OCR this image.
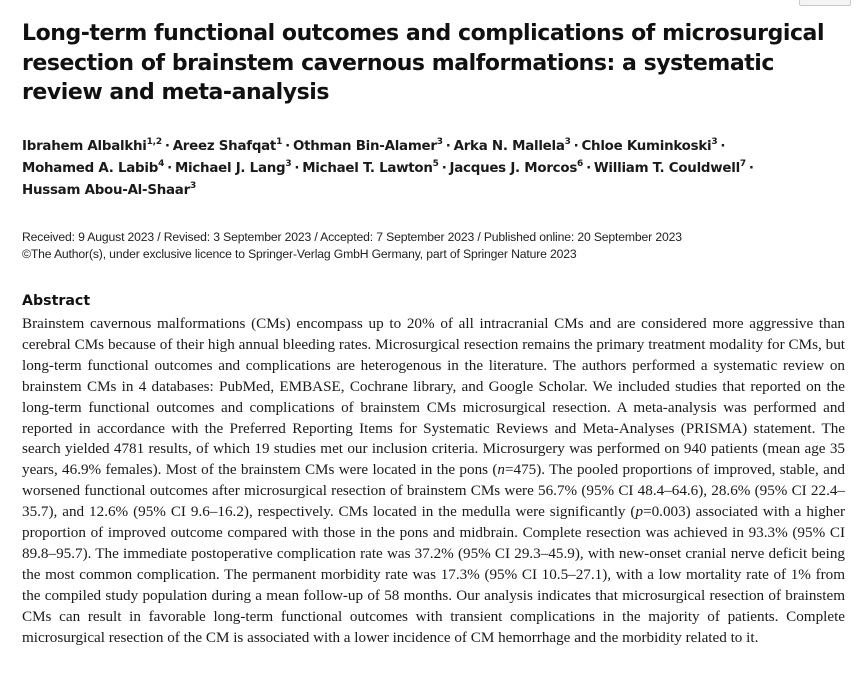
Long-term functional outcomes and complications of microsurgical resection of brainstem cavernous malformations: a systematic review and meta-analysis
Ibrahem Albalkhi$^{1,2}$ · Areez Shafqat$^1$ · Othman Bin-Alamer$^3$ · Arka N. Mallela$^3$ · Chloe Kuminkoski$^3$ ·
Mohamed A. Labib$^4$ · Michael J. Lang$^3$ · Michael T. Lawton$^5$ · Jacques J. Morcos$^6$ · William T. Couldwell$^7$ ·
Hussam Abou-Al-Shaar$^3$
Received: 9 August 2023 / Revised: 3 September 2023 / Accepted: 7 September 2023 / Published online: 20 September 2023
©The Author(s), under exclusive licence to Springer-Verlag GmbH Germany, part of Springer Nature 2023
Abstract

Brainstem cavernous malformations (CMs) encompass up to 20% of all intracranial CMs and are considered more aggressive than cerebral CMs because of their high annual bleeding rates. Microsurgical resection remains the primary treatment modality for CMs, but long-term functional outcomes and complications are heterogenous in the literature. The authors performed a systematic review on brainstem CMs in 4 databases: PubMed, EMBASE, Cochrane library, and Google Scholar. We included studies that reported on the long-term functional outcomes and complications of brainstem CMs microsurgical resection. A meta-analysis was performed and reported in accordance with the Preferred Reporting Items for Systematic Reviews and Meta-Analyses (PRISMA) statement. The search yielded 4781 results, of which 19 studies met our inclusion criteria. Microsurgery was performed on 940 patients (mean age 35 years, 46.9% females). Most of the brainstem CMs were located in the pons (n=475). The pooled proportions of improved, stable, and worsened functional outcomes after microsurgical resection of brainstem CMs were 56.7% (95% CI 48.4–64.6), 28.6% (95% CI 22.4–35.7), and 12.6% (95% CI 9.6–16.2), respectively. CMs located in the medulla were significantly (p=0.003) associated with a higher proportion of improved outcome compared with those in the pons and midbrain. Complete resection was achieved in 93.3% (95% CI 89.8–95.7). The immediate postoperative complication rate was 37.2% (95% CI 29.3–45.9), with new-onset cranial nerve deficit being the most common complication. The permanent morbidity rate was 17.3% (95% CI 10.5–27.1), with a low mortality rate of 1% from the compiled study population during a mean follow-up of 58 months. Our analysis indicates that microsurgical resection of brainstem CMs can result in favorable long-term functional outcomes with transient complications in the majority of patients. Complete microsurgical resection of the CM is associated with a lower incidence of CM hemorrhage and the morbidity related to it.
